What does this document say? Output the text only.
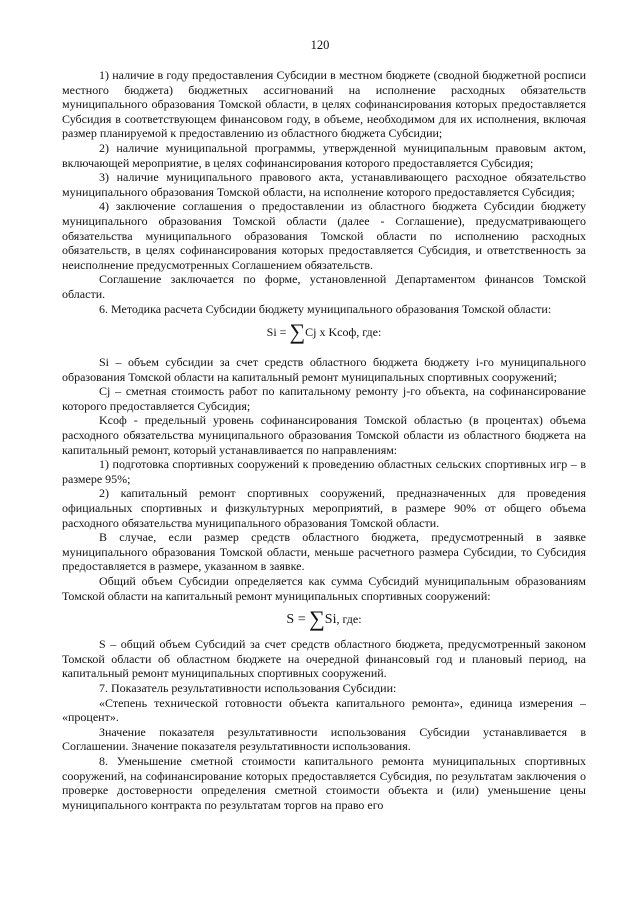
120

1) наличие в году предоставления Субсидии в местном бюджете (сводной бюджетной росписи местного бюджета) бюджетных ассигнований на исполнение расходных обязательств муниципального образования Томской области, в целях софинансирования которых предоставляется Субсидия в соответствующем финансовом году, в объеме, необходимом для их исполнения, включая размер планируемой к предоставлению из областного бюджета Субсидии;

2) наличие муниципальной программы, утвержденной муниципальным правовым актом, включающей мероприятие, в целях софинансирования которого предоставляется Субсидия;

3) наличие муниципального правового акта, устанавливающего расходное обязательство муниципального образования Томской области, на исполнение которого предоставляется Субсидия;

4) заключение соглашения о предоставлении из областного бюджета Субсидии бюджету муниципального образования Томской области (далее - Соглашение), предусматривающего обязательства муниципального образования Томской области по исполнению расходных обязательств, в целях софинансирования которых предоставляется Субсидия, и ответственность за неисполнение предусмотренных Соглашением обязательств.

Соглашение заключается по форме, установленной Департаментом финансов Томской области.

6. Методика расчета Субсидии бюджету муниципального образования Томской области:

Si = ∑Cj x Kсоф, где:

Si – объем субсидии за счет средств областного бюджета бюджету i-го муниципального образования Томской области на капитальный ремонт муниципальных спортивных сооружений;

Cj – сметная стоимость работ по капитальному ремонту j-го объекта, на софинансирование которого предоставляется Субсидия;

Kсоф - предельный уровень софинансирования Томской областью (в процентах) объема расходного обязательства муниципального образования Томской области из областного бюджета на капитальный ремонт, который устанавливается по направлениям:

1) подготовка спортивных сооружений к проведению областных сельских спортивных игр – в размере 95%;

2) капитальный ремонт спортивных сооружений, предназначенных для проведения официальных спортивных и физкультурных мероприятий, в размере 90% от общего объема расходного обязательства муниципального образования Томской области.

В случае, если размер средств областного бюджета, предусмотренный в заявке муниципального образования Томской области, меньше расчетного размера Субсидии, то Субсидия предоставляется в размере, указанном в заявке.

Общий объем Субсидии определяется как сумма Субсидий муниципальным образованиям Томской области на капитальный ремонт муниципальных спортивных сооружений:

S = ∑Si, где:

S – общий объем Субсидий за счет средств областного бюджета, предусмотренный законом Томской области об областном бюджете на очередной финансовый год и плановый период, на капитальный ремонт муниципальных спортивных сооружений.

7. Показатель результативности использования Субсидии:

«Степень технической готовности объекта капитального ремонта», единица измерения – «процент».

Значение показателя результативности использования Субсидии устанавливается в Соглашении. Значение показателя результативности использования.

8. Уменьшение сметной стоимости капитального ремонта муниципальных спортивных сооружений, на софинансирование которых предоставляется Субсидия, по результатам заключения о проверке достоверности определения сметной стоимости объекта и (или) уменьшение цены муниципального контракта по результатам торгов на право его
